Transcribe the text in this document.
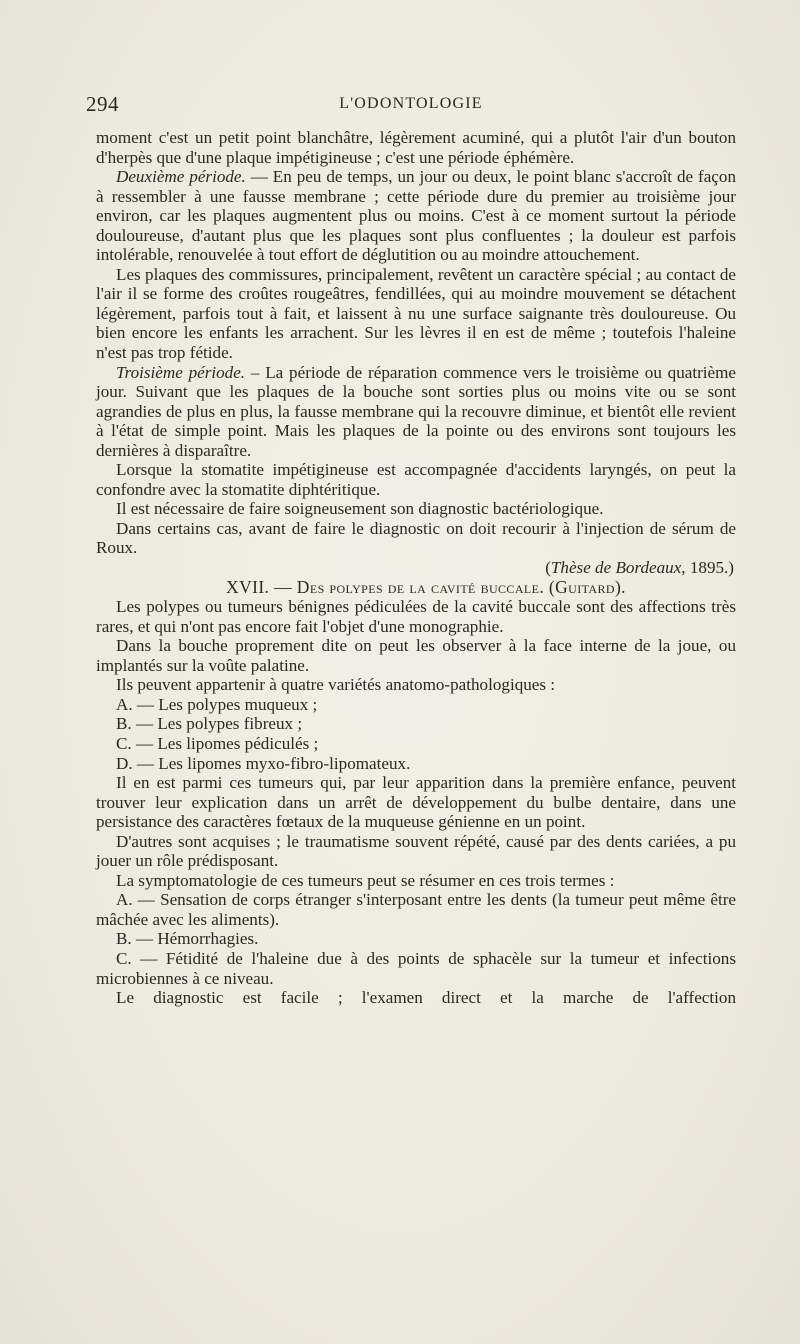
294	L'ODONTOLOGIE

moment c'est un petit point blanchâtre, légèrement acuminé, qui a plutôt l'air d'un bouton d'herpès que d'une plaque impétigineuse ; c'est une période éphémère.

Deuxième période. — En peu de temps, un jour ou deux, le point blanc s'accroît de façon à ressembler à une fausse membrane ; cette période dure du premier au troisième jour environ, car les plaques augmentent plus ou moins. C'est à ce moment surtout la période douloureuse, d'autant plus que les plaques sont plus confluentes ; la douleur est parfois intolérable, renouvelée à tout effort de déglutition ou au moindre attouchement.

Les plaques des commissures, principalement, revêtent un caractère spécial ; au contact de l'air il se forme des croûtes rougeâtres, fendillées, qui au moindre mouvement se détachent légèrement, parfois tout à fait, et laissent à nu une surface saignante très douloureuse. Ou bien encore les enfants les arrachent. Sur les lèvres il en est de même ; toutefois l'haleine n'est pas trop fétide.

Troisième période. – La période de réparation commence vers le troisième ou quatrième jour. Suivant que les plaques de la bouche sont sorties plus ou moins vite ou se sont agrandies de plus en plus, la fausse membrane qui la recouvre diminue, et bientôt elle revient à l'état de simple point. Mais les plaques de la pointe ou des environs sont toujours les dernières à disparaître.

Lorsque la stomatite impétigineuse est accompagnée d'accidents laryngés, on peut la confondre avec la stomatite diphtéritique.

Il est nécessaire de faire soigneusement son diagnostic bactériologique.

Dans certains cas, avant de faire le diagnostic on doit recourir à l'injection de sérum de Roux.

(Thèse de Bordeaux, 1895.)

XVII. — Des polypes de la cavité buccale. (Guitard).

Les polypes ou tumeurs bénignes pédiculées de la cavité buccale sont des affections très rares, et qui n'ont pas encore fait l'objet d'une monographie.

Dans la bouche proprement dite on peut les observer à la face interne de la joue, ou implantés sur la voûte palatine.

Ils peuvent appartenir à quatre variétés anatomo-pathologiques :

A. — Les polypes muqueux ;

B. — Les polypes fibreux ;

C. — Les lipomes pédiculés ;

D. — Les lipomes myxo-fibro-lipomateux.

Il en est parmi ces tumeurs qui, par leur apparition dans la première enfance, peuvent trouver leur explication dans un arrêt de développement du bulbe dentaire, dans une persistance des caractères fœtaux de la muqueuse génienne en un point.

D'autres sont acquises ; le traumatisme souvent répété, causé par des dents cariées, a pu jouer un rôle prédisposant.

La symptomatologie de ces tumeurs peut se résumer en ces trois termes :

A. — Sensation de corps étranger s'interposant entre les dents (la tumeur peut même être mâchée avec les aliments).

B. — Hémorrhagies.

C. — Fétidité de l'haleine due à des points de sphacèle sur la tumeur et infections microbiennes à ce niveau.

Le diagnostic est facile ; l'examen direct et la marche de l'affection
